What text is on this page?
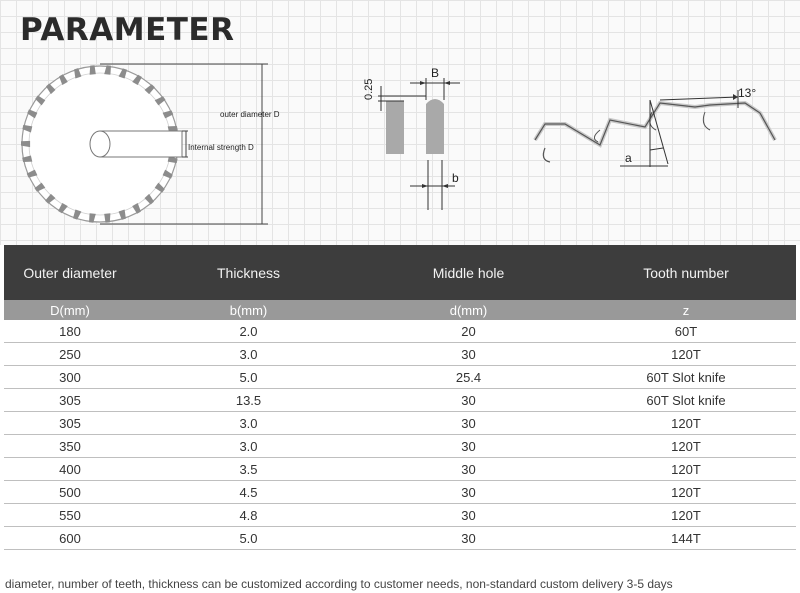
PARAMETER
outer diameter D
Internal strength D
0.25
B
b
13°
a
Outer diameter	Thickness	Middle hole	Tooth number
D(mm)	b(mm)	d(mm)	z
180	2.0	20	60T
250	3.0	30	120T
300	5.0	25.4	60T Slot knife
305	13.5	30	60T Slot knife
305	3.0	30	120T
350	3.0	30	120T
400	3.5	30	120T
500	4.5	30	120T
550	4.8	30	120T
600	5.0	30	144T
diameter, number of teeth, thickness can be customized according to customer needs, non-standard custom delivery 3-5 days
